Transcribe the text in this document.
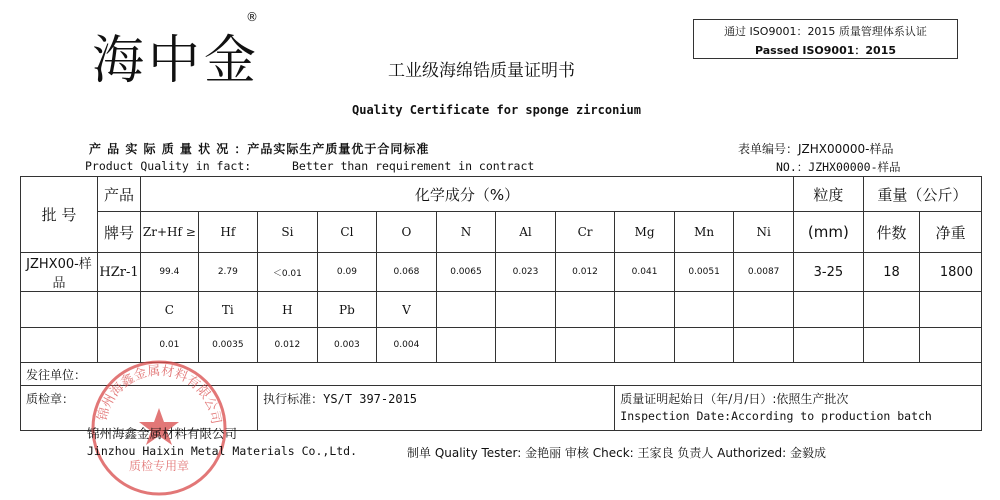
海中金
®
通过 ISO9001：2015 质量管理体系认证
Passed ISO9001：2015
工业级海绵锆质量证明书
Quality Certificate for sponge zirconium
产 品 实 际 质 量 状 况 ：产品实际生产质量优于合同标准
Product Quality in fact:	Better than requirement in contract
表单编号：JZHX00000-样品
NO.：JZHX00000-样品
批 号	产品	化学成分（%）											粒度	重量（公斤）	
	牌号	Zr+Hf ≥	Hf	Si	Cl	O	N	Al	Cr	Mg	Mn	Ni	(mm)	件数	净重
JZHX00-样品	HZr-1	99.4	2.79	＜0.01	0.09	0.068	0.0065	0.023	0.012	0.041	0.0051	0.0087	3-25	18	1800
		C	Ti	H	Pb	V									
		0.01	0.0035	0.012	0.003	0.004									
发往单位：															
质检章：				执行标准：YS/T 397-2015						质量证明起始日（年/月/日）:依照生产批次
Inspection Date:According to production batch					
锦州海鑫金属材料有限公司
质检专用章
锦州海鑫金属材料有限公司
Jinzhou Haixin Metal Materials Co.,Ltd.	制单 Quality Tester: 金艳丽 审核 Check: 王家良 负责人 Authorized: 金毅成
